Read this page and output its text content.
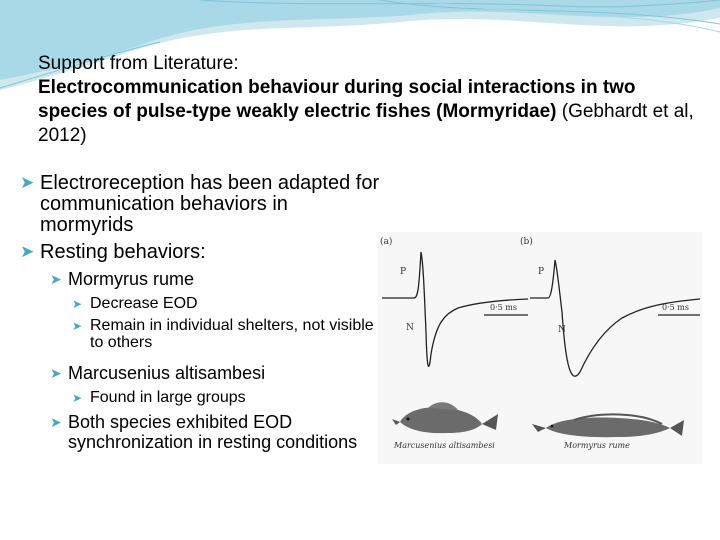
Support from Literature:
Electrocommunication behaviour during social interactions in two species of pulse-type weakly electric fishes (Mormyridae) (Gebhardt et al, 2012)
➤ Electroreception has been adapted for communication behaviors in mormyrids
➤ Resting behaviors:
➤ Mormyrus rume
➤ Decrease EOD
➤ Remain in individual shelters, not visible to others
➤ Marcusenius altisambesi
➤ Found in large groups
➤ Both species exhibited EOD synchronization in resting conditions
(a)
P
N
0·5 ms
(b)
P
N
0·5 ms
Marcusenius altisambesi	Mormyrus rume
